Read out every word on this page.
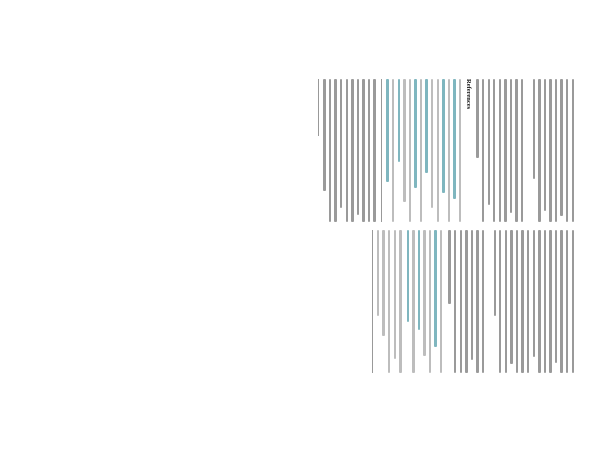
References
